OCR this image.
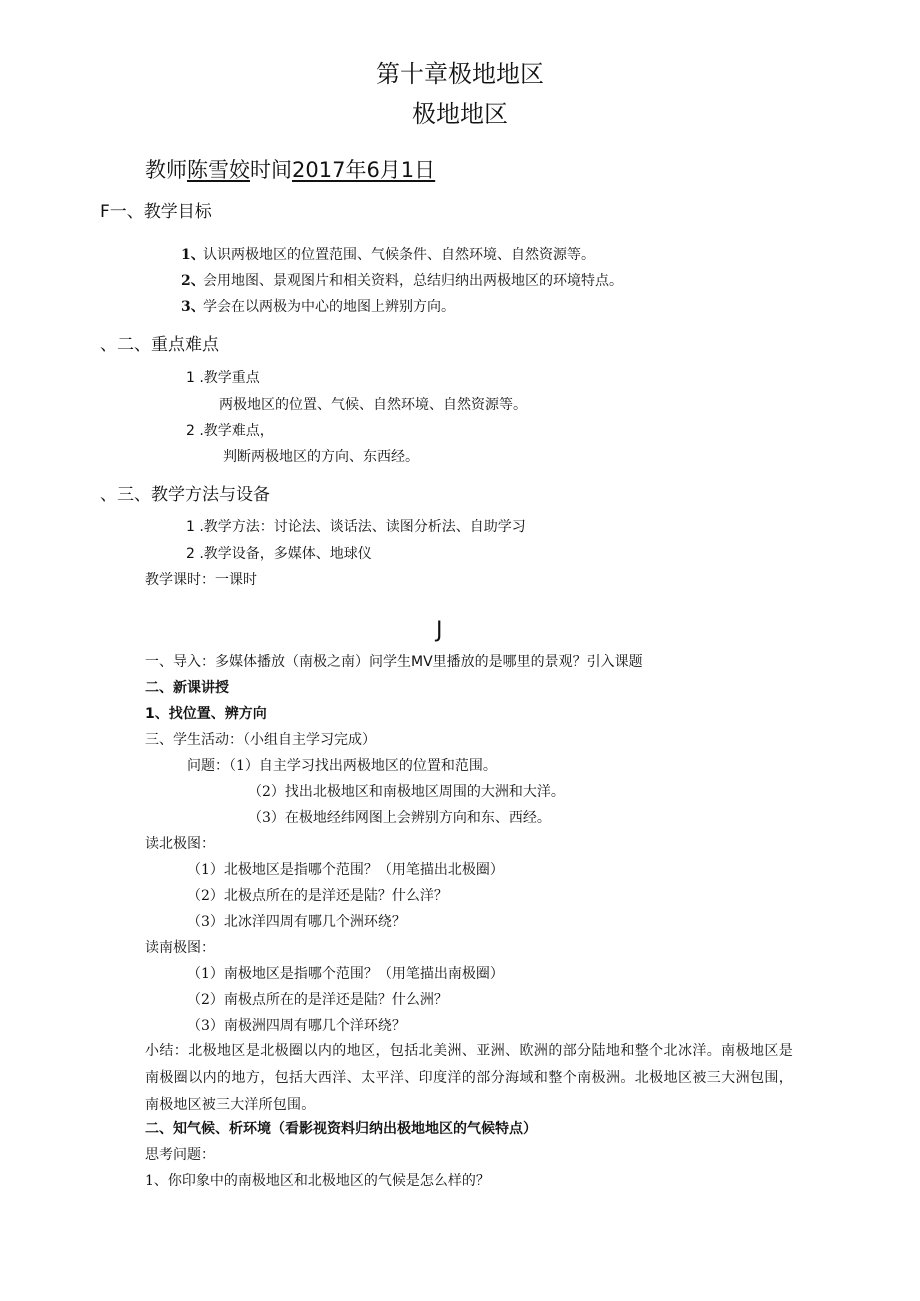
第十章极地地区
极地地区
教师陈雪姣时间2017年6月1日
F一、教学目标
1、认识两极地区的位置范围、气候条件、自然环境、自然资源等。
2、会用地图、景观图片和相关资料，总结归纳出两极地区的环境特点。
3、学会在以两极为中心的地图上辨别方向。
、二、重点难点
1 .教学重点
两极地区的位置、气候、自然环境、自然资源等。
2 .教学难点，
判断两极地区的方向、东西经。
、三、教学方法与设备
1 .教学方法：讨论法、谈话法、读图分析法、自助学习
2 .教学设备，多媒体、地球仪
教学课时：一课时
J
一、导入：多媒体播放（南极之南）问学生MV里播放的是哪里的景观？引入课题
二、新课讲授
1、找位置、辨方向
三、学生活动：（小组自主学习完成）
问题：（1）自主学习找出两极地区的位置和范围。
（2）找出北极地区和南极地区周围的大洲和大洋。
（3）在极地经纬网图上会辨别方向和东、西经。
读北极图：
（1）北极地区是指哪个范围？（用笔描出北极圈）
（2）北极点所在的是洋还是陆？什么洋？
（3）北冰洋四周有哪几个洲环绕？
读南极图：
（1）南极地区是指哪个范围？（用笔描出南极圈）
（2）南极点所在的是洋还是陆？什么洲？
（3）南极洲四周有哪几个洋环绕？
小结：北极地区是北极圈以内的地区，包括北美洲、亚洲、欧洲的部分陆地和整个北冰洋。南极地区是南极圈以内的地方，包括大西洋、太平洋、印度洋的部分海域和整个南极洲。北极地区被三大洲包围，南极地区被三大洋所包围。
二、知气候、析环境（看影视资料归纳出极地地区的气候特点）
思考问题：
1、你印象中的南极地区和北极地区的气候是怎么样的？
